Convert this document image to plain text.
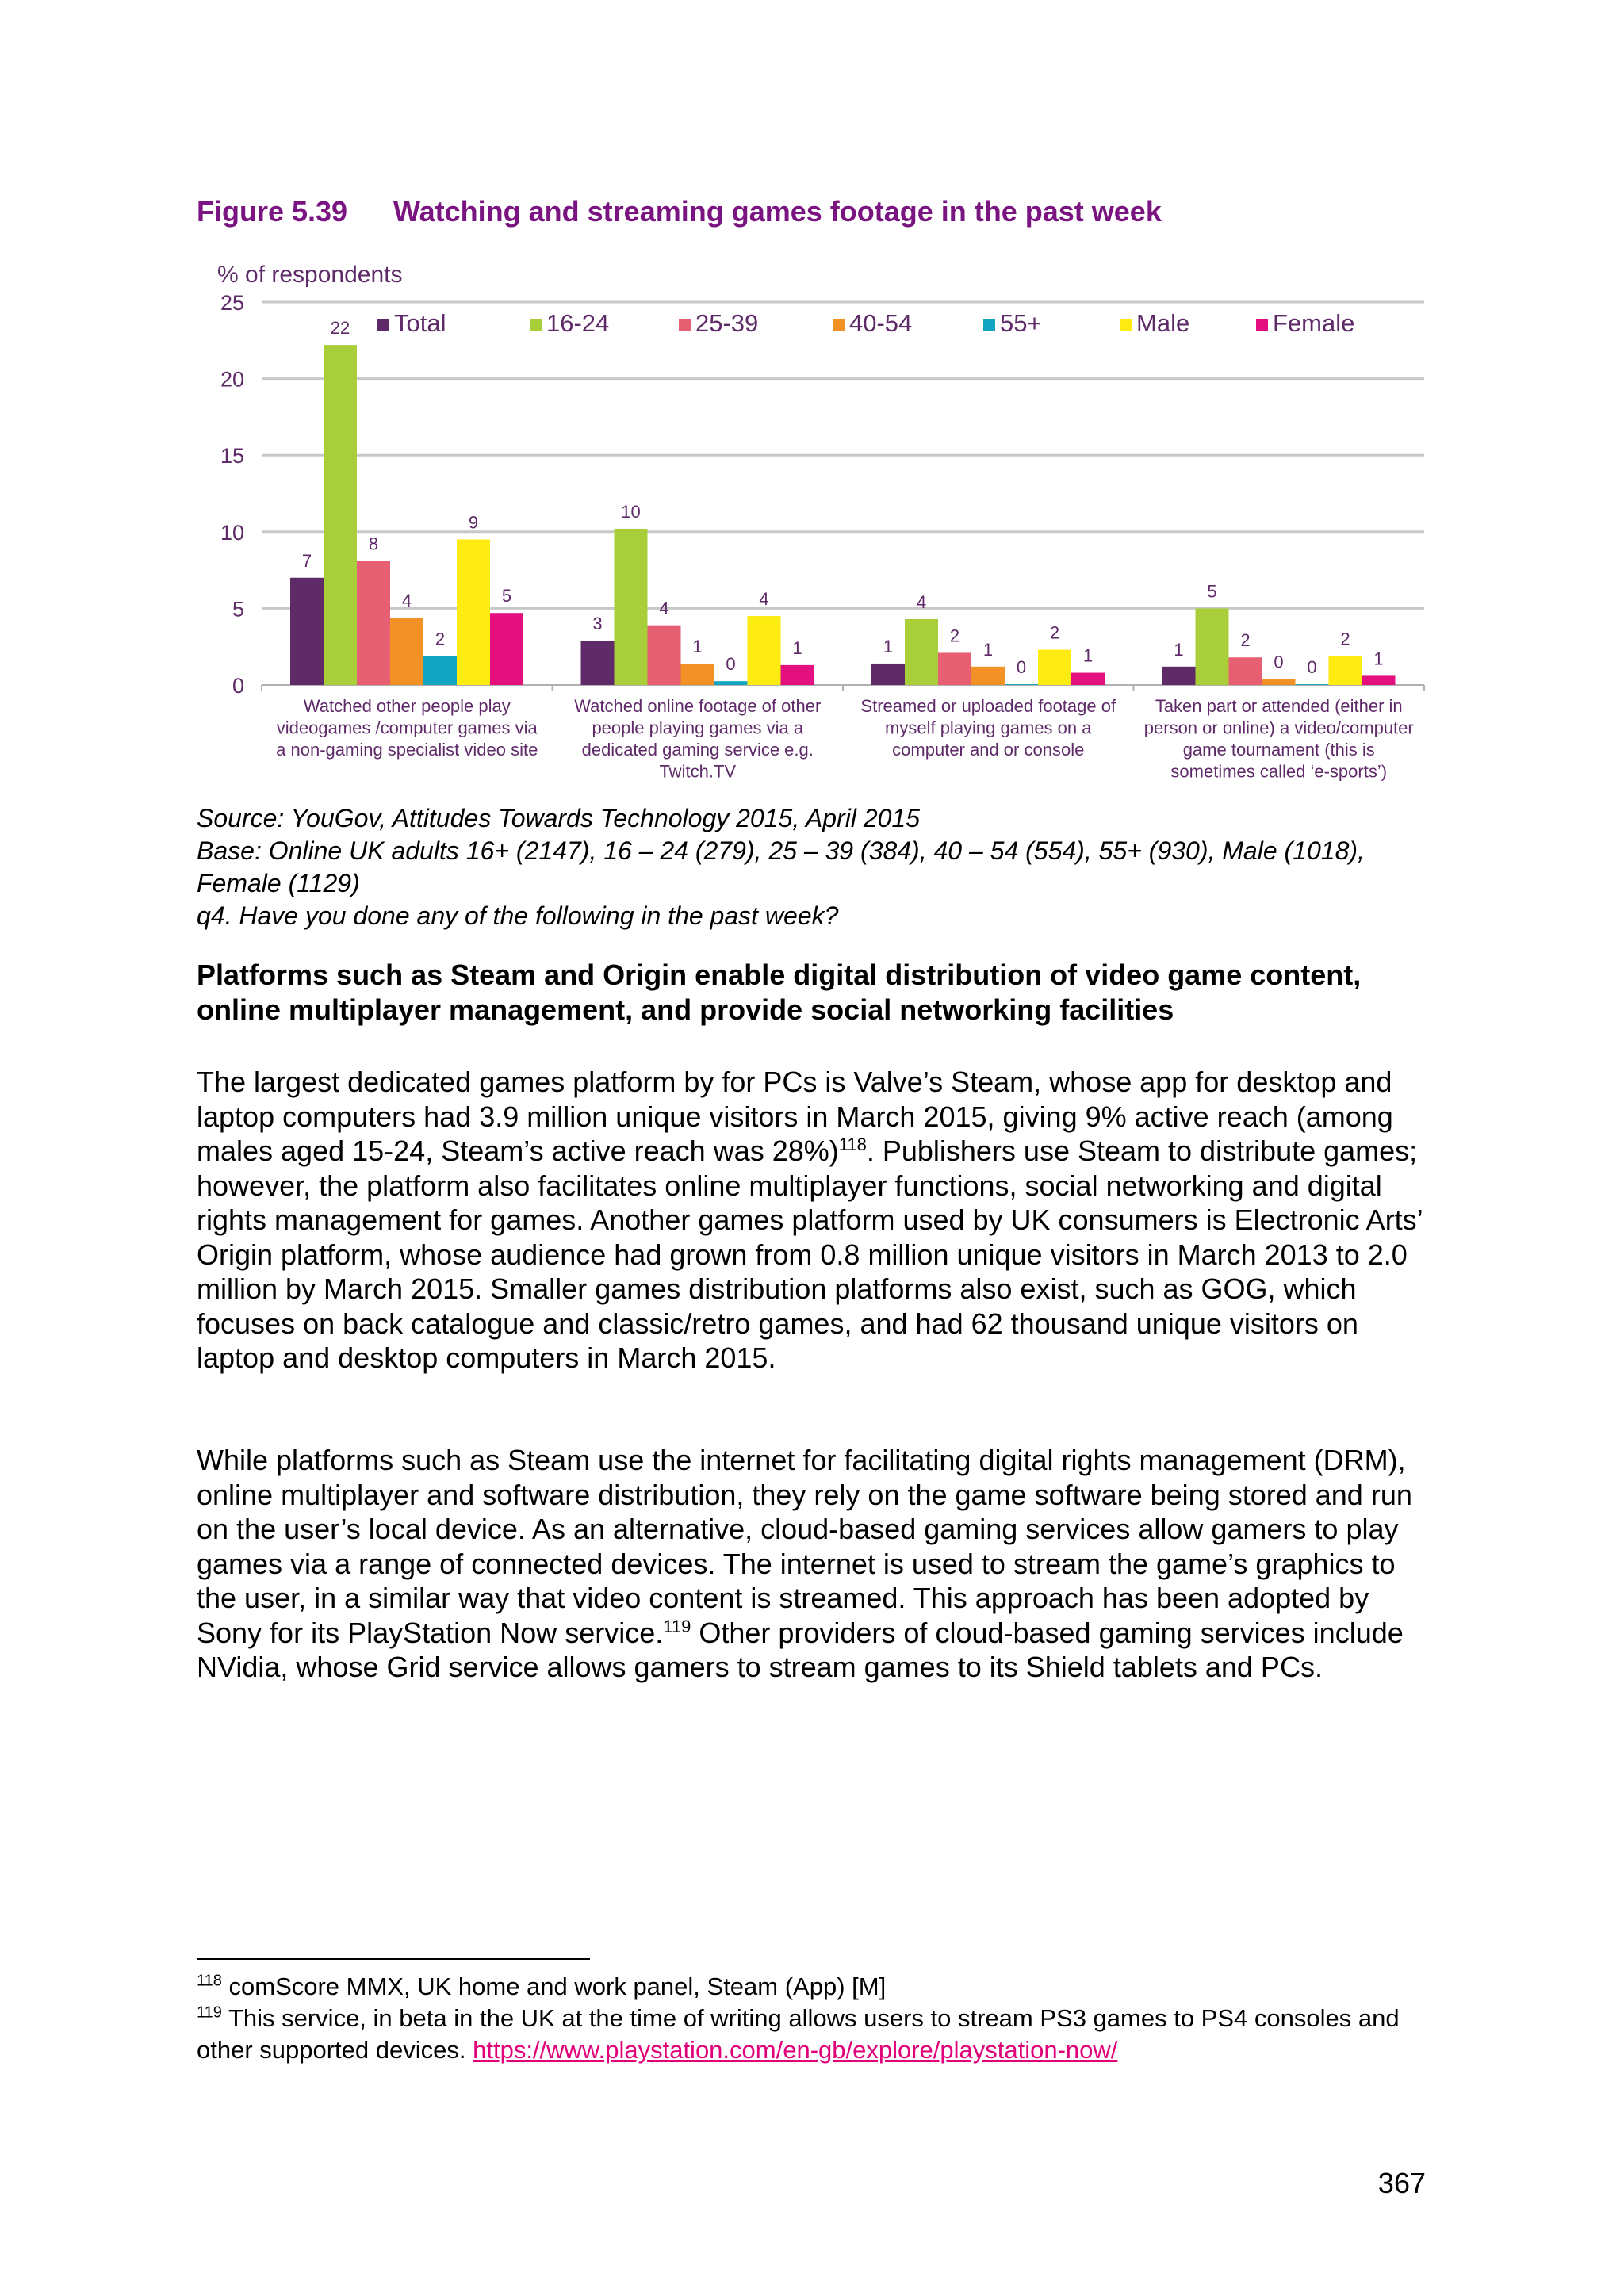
Figure 5.39 Watching and streaming games footage in the past week
% of respondents
0
5
10
15
20
25
7
3
1	1
22
10
4
5
8
4
2	2
4
1	1
0
2
0	0	0
9
4
2	2
5
1	1	1
Watched other people play
videogames /computer games via
a non-gaming specialist video site
Watched online footage of other
people playing games via a
dedicated gaming service e.g.
Twitch.TV
Streamed or uploaded footage of
myself playing games on a
computer and or console
Taken part or attended (either in
person or online) a video/computer
game tournament (this is
sometimes called ‘e-sports’)
Total	16-24	25-39	40-54	55+	Male	Female
Source: YouGov, Attitudes Towards Technology 2015, April 2015
Base: Online UK adults 16+ (2147), 16 – 24 (279), 25 – 39 (384), 40 – 54 (554), 55+ (930), Male (1018), Female (1129)
q4. Have you done any of the following in the past week?
Platforms such as Steam and Origin enable digital distribution of video game content, online multiplayer management, and provide social networking facilities
The largest dedicated games platform by for PCs is Valve’s Steam, whose app for desktop and laptop computers had 3.9 million unique visitors in March 2015, giving 9% active reach (among males aged 15-24, Steam’s active reach was 28%)$^{118}$. Publishers use Steam to distribute games; however, the platform also facilitates online multiplayer functions, social networking and digital rights management for games. Another games platform used by UK consumers is Electronic Arts’ Origin platform, whose audience had grown from 0.8 million unique visitors in March 2013 to 2.0 million by March 2015. Smaller games distribution platforms also exist, such as GOG, which focuses on back catalogue and classic/retro games, and had 62 thousand unique visitors on laptop and desktop computers in March 2015.
While platforms such as Steam use the internet for facilitating digital rights management (DRM), online multiplayer and software distribution, they rely on the game software being stored and run on the user’s local device. As an alternative, cloud-based gaming services allow gamers to play games via a range of connected devices. The internet is used to stream the game’s graphics to the user, in a similar way that video content is streamed. This approach has been adopted by Sony for its PlayStation Now service.$^{119}$ Other providers of cloud-based gaming services include NVidia, whose Grid service allows gamers to stream games to its Shield tablets and PCs.
$^{118}$ comScore MMX, UK home and work panel, Steam (App) [M]
$^{119}$ This service, in beta in the UK at the time of writing allows users to stream PS3 games to PS4 consoles and other supported devices. https://www.playstation.com/en-gb/explore/playstation-now/
367
